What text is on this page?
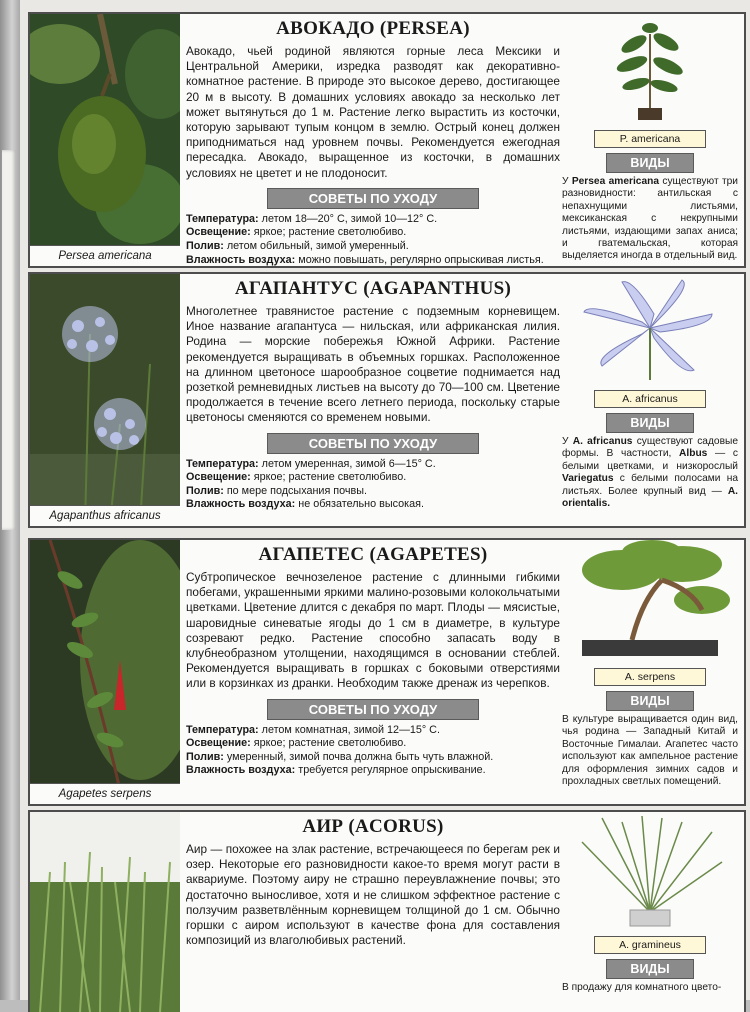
Persea americana
АВОКАДО (PERSEA)

Авокадо, чьей родиной являются горные леса Мексики и Центральной Америки, изредка разводят как декоративно-комнатное растение. В природе это высокое дерево, достигающее 20 м в высоту. В домашних условиях авокадо за несколько лет может вытянуться до 1 м. Растение легко вырастить из косточки, которую зарывают тупым концом в землю. Острый конец должен приподниматься над уровнем почвы. Рекомендуется ежегодная пересадка. Авокадо, выращенное из косточки, в домашних условиях не цветет и не плодоносит.

СОВЕТЫ ПО УХОДУ
Температура: летом 18—20° С, зимой 10—12° С.
Освещение: яркое; растение светолюбиво.
Полив: летом обильный, зимой умеренный.
Влажность воздуха: можно повышать, регулярно опрыскивая листья.
P. americana
ВИДЫ

У Persea americana существуют три разновидности: антильская с непахнущими листьями, мексиканская с некрупными листьями, издающими запах аниса; и гватемальская, которая выделяется иногда в отдельный вид.

Agapanthus africanus
АГАПАНТУС (AGAPANTHUS)

Многолетнее травянистое растение с подземным корневищем. Иное название агапантуса — нильская, или африканская лилия. Родина — морские побережья Южной Африки. Растение рекомендуется выращивать в объемных горшках. Расположенное на длинном цветоносе шарообразное соцветие поднимается над розеткой ремневидных листьев на высоту до 70—100 см. Цветение продолжается в течение всего летнего периода, поскольку старые цветоносы сменяются со временем новыми.

СОВЕТЫ ПО УХОДУ
Температура: летом умеренная, зимой 6—15° С.
Освещение: яркое; растение светолюбиво.
Полив: по мере подсыхания почвы.
Влажность воздуха: не обязательно высокая.
A. africanus
ВИДЫ

У A. africanus существуют садовые формы. В частности, Albus — с белыми цветками, и низкорослый Variegatus с белыми полосами на листьях. Более крупный вид — A. orientalis.

Agapetes serpens
АГАПЕТЕС (AGAPETES)

Субтропическое вечнозеленое растение с длинными гибкими побегами, украшенными яркими малино-розовыми колокольчатыми цветками. Цветение длится с декабря по март. Плоды — мясистые, шаровидные синеватые ягоды до 1 см в диаметре, в культуре созревают редко. Растение способно запасать воду в клубнеобразном утолщении, находящимся в основании стеблей. Рекомендуется выращивать в горшках с боковыми отверстиями или в корзинках из дранки. Необходим также дренаж из черепков.

СОВЕТЫ ПО УХОДУ
Температура: летом комнатная, зимой 12—15° С.
Освещение: яркое; растение светолюбиво.
Полив: умеренный, зимой почва должна быть чуть влажной.
Влажность воздуха: требуется регулярное опрыскивание.
A. serpens
ВИДЫ

В культуре выращивается один вид, чья родина — Западный Китай и Восточные Гималаи. Агапетес часто используют как ампельное растение для оформления зимних садов и прохладных светлых помещений.

АИР (ACORUS)

Аир — похожее на злак растение, встречающееся по берегам рек и озер. Некоторые его разновидности какое-то время могут расти в аквариуме. Поэтому аиру не страшно переувлажнение почвы; это достаточно выносливое, хотя и не слишком эффектное растение с ползучим разветвлённым корневищем толщиной до 1 см. Обычно горшки с аиром используют в качестве фона для составления композиций из влаголюбивых растений.	A. gramineus
ВИДЫ

В продажу для комнатного цвето-
